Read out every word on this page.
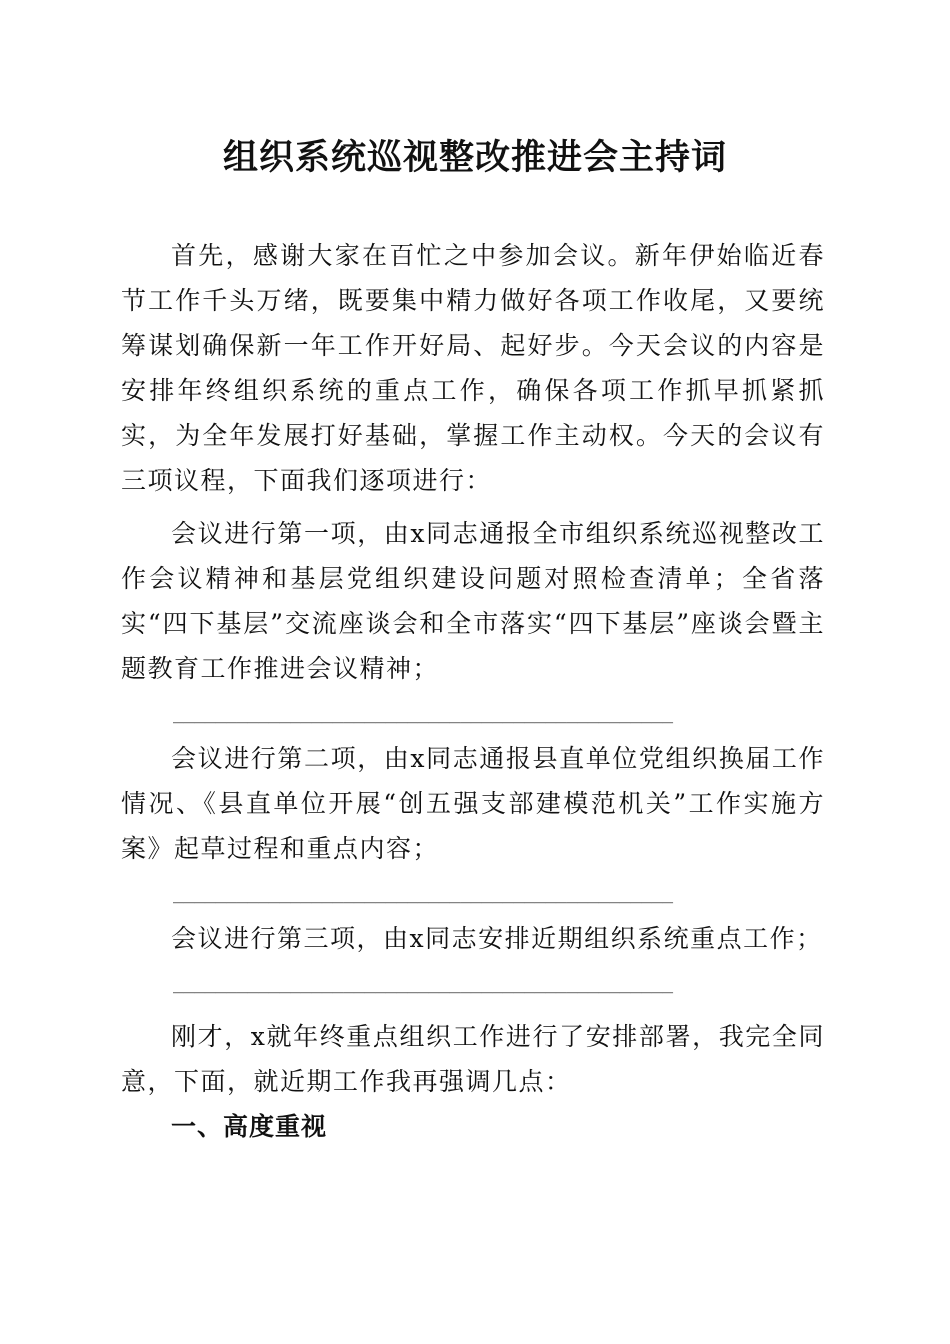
组织系统巡视整改推进会主持词

首先，感谢大家在百忙之中参加会议。新年伊始临近春节工作千头万绪，既要集中精力做好各项工作收尾，又要统筹谋划确保新一年工作开好局、起好步。今天会议的内容是安排年终组织系统的重点工作，确保各项工作抓早抓紧抓实，为全年发展打好基础，掌握工作主动权。今天的会议有三项议程，下面我们逐项进行：

会议进行第一项，由x同志通报全市组织系统巡视整改工作会议精神和基层党组织建设问题对照检查清单；全省落实“四下基层”交流座谈会和全市落实“四下基层”座谈会暨主题教育工作推进会议精神；

_______________________________________________

会议进行第二项，由x同志通报县直单位党组织换届工作情况、《县直单位开展“创五强支部建模范机关”工作实施方案》起草过程和重点内容；

_______________________________________________

会议进行第三项，由x同志安排近期组织系统重点工作；

_______________________________________________

刚才，x就年终重点组织工作进行了安排部署，我完全同意，下面，就近期工作我再强调几点：

一、高度重视
